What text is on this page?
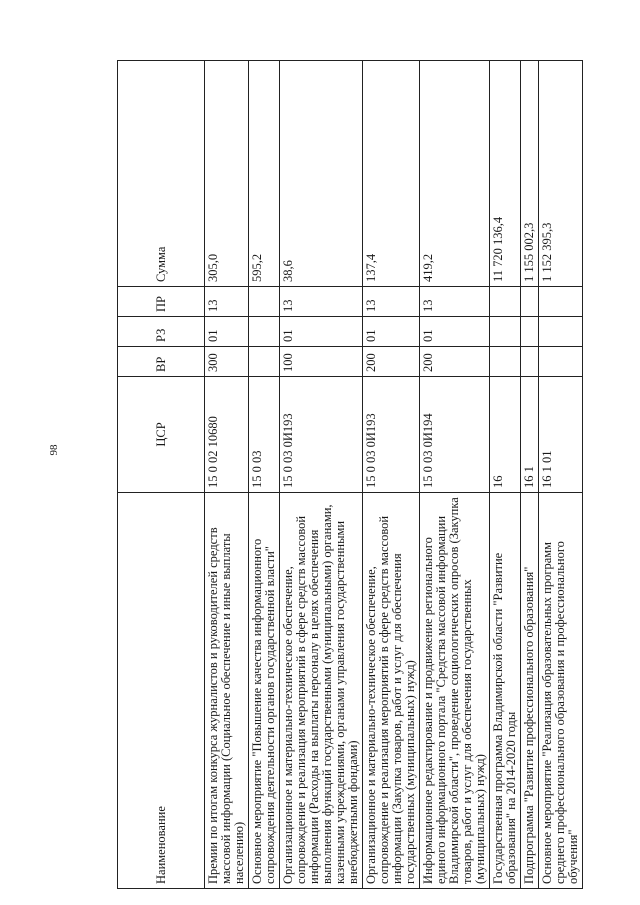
98
Наименование	ЦСР	ВР	РЗ	ПР	Сумма
Премии по итогам конкурса журналистов и руководителей средств массовой информации (Социальное обеспечение и иные выплаты населению)	15 0 02 10680	300	01	13	305,0
Основное мероприятие "Повышение качества информационного сопровождения деятельности органов государственной власти"	15 0 03				595,2
Организационное и материально-техническое обеспечение, сопровождение и реализация мероприятий в сфере средств массовой информации (Расходы на выплаты персоналу в целях обеспечения выполнения функций государственными (муниципальными) органами, казенными учреждениями, органами управления государственными внебюджетными фондами)	15 0 03 0И193	100	01	13	38,6
Организационное и материально-техническое обеспечение, сопровождение и реализация мероприятий в сфере средств массовой информации (Закупка товаров, работ и услуг для обеспечения государственных (муниципальных) нужд)	15 0 03 0И193	200	01	13	137,4
Информационное редактирование и продвижение регионального единого информационного портала "Средства массовой информации Владимирской области", проведение социологических опросов (Закупка товаров, работ и услуг для обеспечения государственных (муниципальных) нужд)	15 0 03 0И194	200	01	13	419,2
Государственная программа Владимирской области "Развитие образования" на 2014-2020 годы	16				11 720 136,4
Подпрограмма "Развитие профессионального образования"	16 1				1 155 002,3
Основное мероприятие "Реализация образовательных программ среднего профессионального образования и профессионального обучения"	16 1 01				1 152 395,3
